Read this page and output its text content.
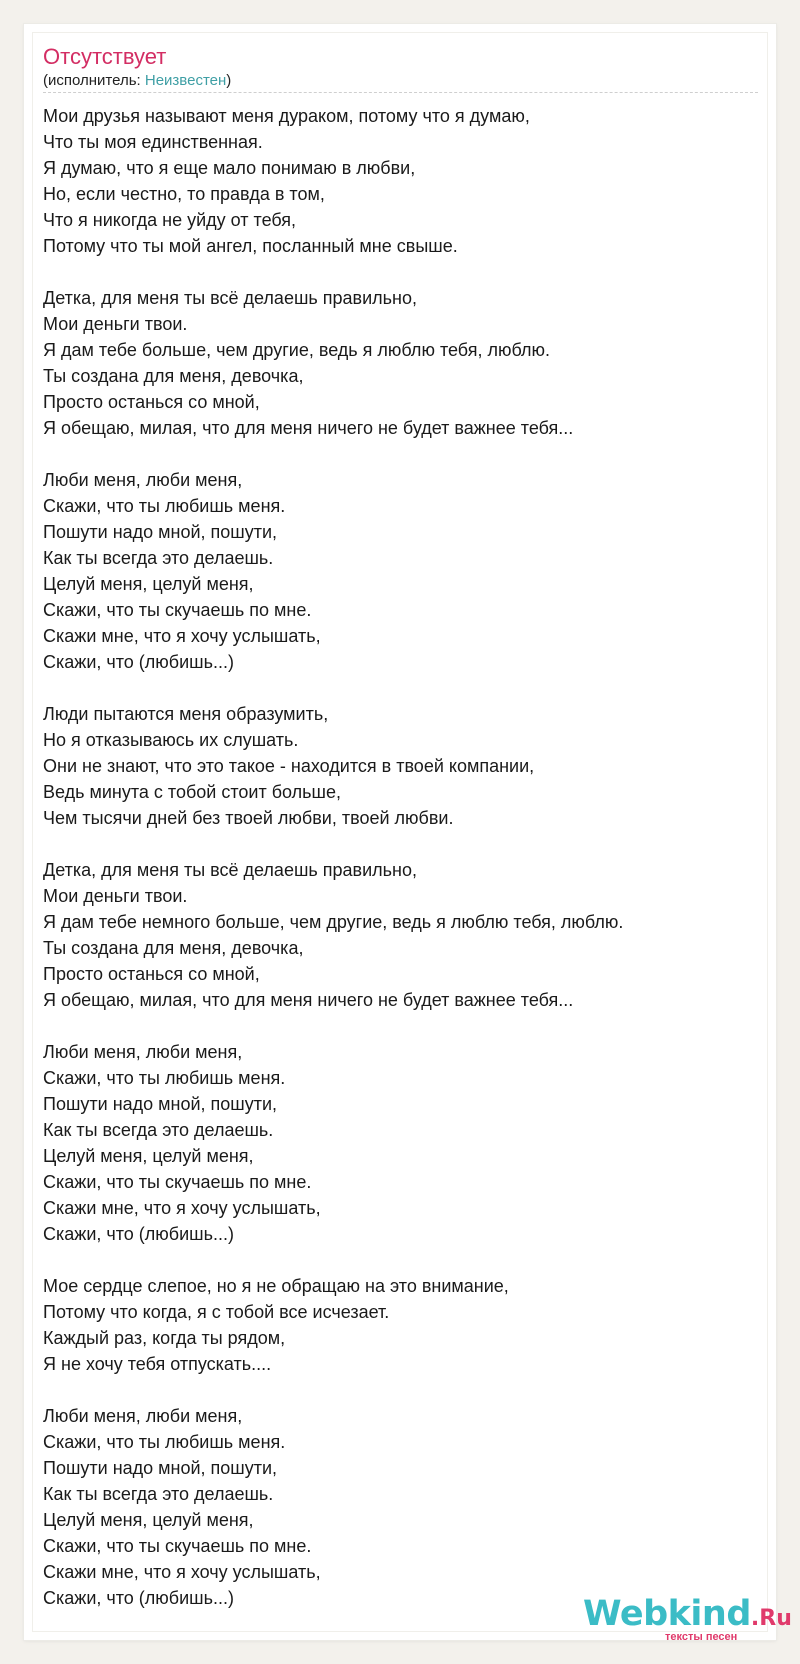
Отсутствует
(исполнитель: Неизвестен)
Мои друзья называют меня дураком, потому что я думаю,
Что ты моя единственная.
Я думаю, что я еще мало понимаю в любви,
Но, если честно, то правда в том,
Что я никогда не уйду от тебя,
Потому что ты мой ангел, посланный мне свыше.
Детка, для меня ты всё делаешь правильно,
Мои деньги твои.
Я дам тебе больше, чем другие, ведь я люблю тебя, люблю.
Ты создана для меня, девочка,
Просто останься со мной,
Я обещаю, милая, что для меня ничего не будет важнее тебя...
Люби меня, люби меня,
Скажи, что ты любишь меня.
Пошути надо мной, пошути,
Как ты всегда это делаешь.
Целуй меня, целуй меня,
Скажи, что ты скучаешь по мне.
Скажи мне, что я хочу услышать,
Скажи, что (любишь...)
Люди пытаются меня образумить,
Но я отказываюсь их слушать.
Они не знают, что это такое - находится в твоей компании,
Ведь минута с тобой стоит больше,
Чем тысячи дней без твоей любви, твоей любви.
Детка, для меня ты всё делаешь правильно,
Мои деньги твои.
Я дам тебе немного больше, чем другие, ведь я люблю тебя, люблю.
Ты создана для меня, девочка,
Просто останься со мной,
Я обещаю, милая, что для меня ничего не будет важнее тебя...
Люби меня, люби меня,
Скажи, что ты любишь меня.
Пошути надо мной, пошути,
Как ты всегда это делаешь.
Целуй меня, целуй меня,
Скажи, что ты скучаешь по мне.
Скажи мне, что я хочу услышать,
Скажи, что (любишь...)
Мое сердце слепое, но я не обращаю на это внимание,
Потому что когда, я с тобой все исчезает.
Каждый раз, когда ты рядом,
Я не хочу тебя отпускать....
Люби меня, люби меня,
Скажи, что ты любишь меня.
Пошути надо мной, пошути,
Как ты всегда это делаешь.
Целуй меня, целуй меня,
Скажи, что ты скучаешь по мне.
Скажи мне, что я хочу услышать,
Скажи, что (любишь...)	Webkind.Ru
тексты песен
